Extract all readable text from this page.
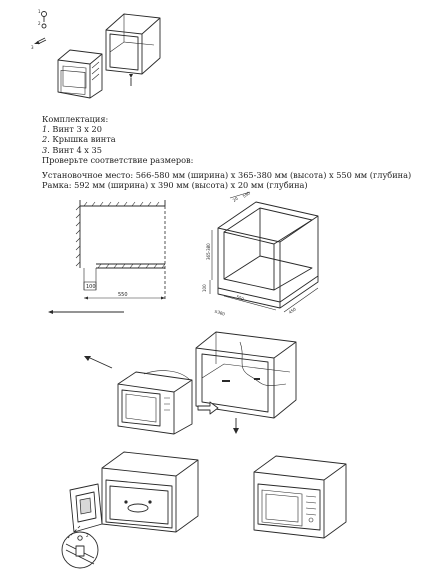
1
2
3
Комплектация:
1. Винт 3 x 20
2. Крышка винта
3. Винт 4 x 35
Проверьте соответствие размеров:
Установочное место: 566-580 мм (ширина) x 365-380 мм (высота) x 550 мм (глубина)
Рамка: 592 мм (ширина) x 390 мм (высота) x 20 мм (глубина)
100
550
365-380
20
590
100
550
≤380	450
2
